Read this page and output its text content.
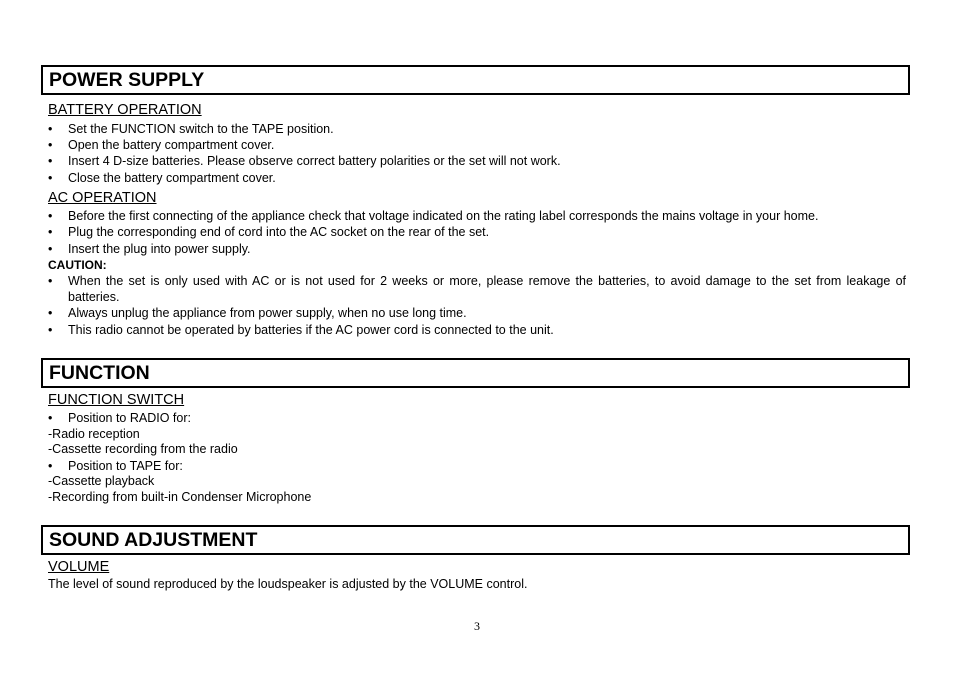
POWER SUPPLY
BATTERY OPERATION
•	Set the FUNCTION switch to the TAPE position.
•	Open the battery compartment cover.
•	Insert 4 D-size batteries. Please observe correct battery polarities or the set will not work.
•	Close the battery compartment cover.
AC OPERATION
•	Before the first connecting of the appliance check that voltage indicated on the rating label corresponds the mains voltage in your home.
•	Plug the corresponding end of cord into the AC socket on the rear of the set.
•	Insert the plug into power supply.
CAUTION:
•	When the set is only used with AC or is not used for 2 weeks or more, please remove the batteries, to avoid damage to the set from leakage of batteries.
•	Always unplug the appliance from power supply, when no use long time.
•	This radio cannot be operated by batteries if the AC power cord is connected to the unit.
FUNCTION
FUNCTION SWITCH
•	Position to RADIO for:
-Radio reception
-Cassette recording from the radio
•	Position to TAPE for:
-Cassette playback
-Recording from built-in Condenser Microphone
SOUND ADJUSTMENT
VOLUME
The level of sound reproduced by the loudspeaker is adjusted by the VOLUME control.
3
